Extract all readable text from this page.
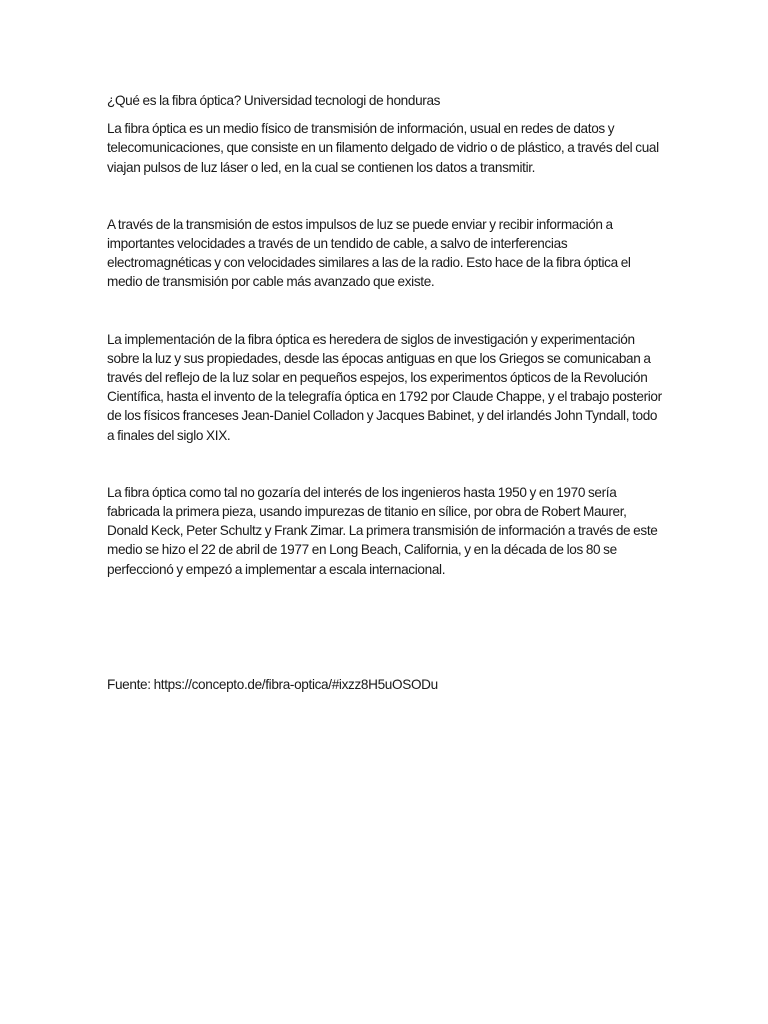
¿Qué es la fibra óptica? Universidad tecnologi de honduras

La fibra óptica es un medio físico de transmisión de información, usual en redes de datos y telecomunicaciones, que consiste en un filamento delgado de vidrio o de plástico, a través del cual viajan pulsos de luz láser o led, en la cual se contienen los datos a transmitir.

A través de la transmisión de estos impulsos de luz se puede enviar y recibir información a importantes velocidades a través de un tendido de cable, a salvo de interferencias electromagnéticas y con velocidades similares a las de la radio. Esto hace de la fibra óptica el medio de transmisión por cable más avanzado que existe.

La implementación de la fibra óptica es heredera de siglos de investigación y experimentación sobre la luz y sus propiedades, desde las épocas antiguas en que los Griegos se comunicaban a través del reflejo de la luz solar en pequeños espejos, los experimentos ópticos de la Revolución Científica, hasta el invento de la telegrafía óptica en 1792 por Claude Chappe, y el trabajo posterior de los físicos franceses Jean-Daniel Colladon y Jacques Babinet, y del irlandés John Tyndall, todo a finales del siglo XIX.

La fibra óptica como tal no gozaría del interés de los ingenieros hasta 1950 y en 1970 sería fabricada la primera pieza, usando impurezas de titanio en sílice, por obra de Robert Maurer, Donald Keck, Peter Schultz y Frank Zimar. La primera transmisión de información a través de este medio se hizo el 22 de abril de 1977 en Long Beach, California, y en la década de los 80 se perfeccionó y empezó a implementar a escala internacional.

Fuente: https://concepto.de/fibra-optica/#ixzz8H5uOSODu
